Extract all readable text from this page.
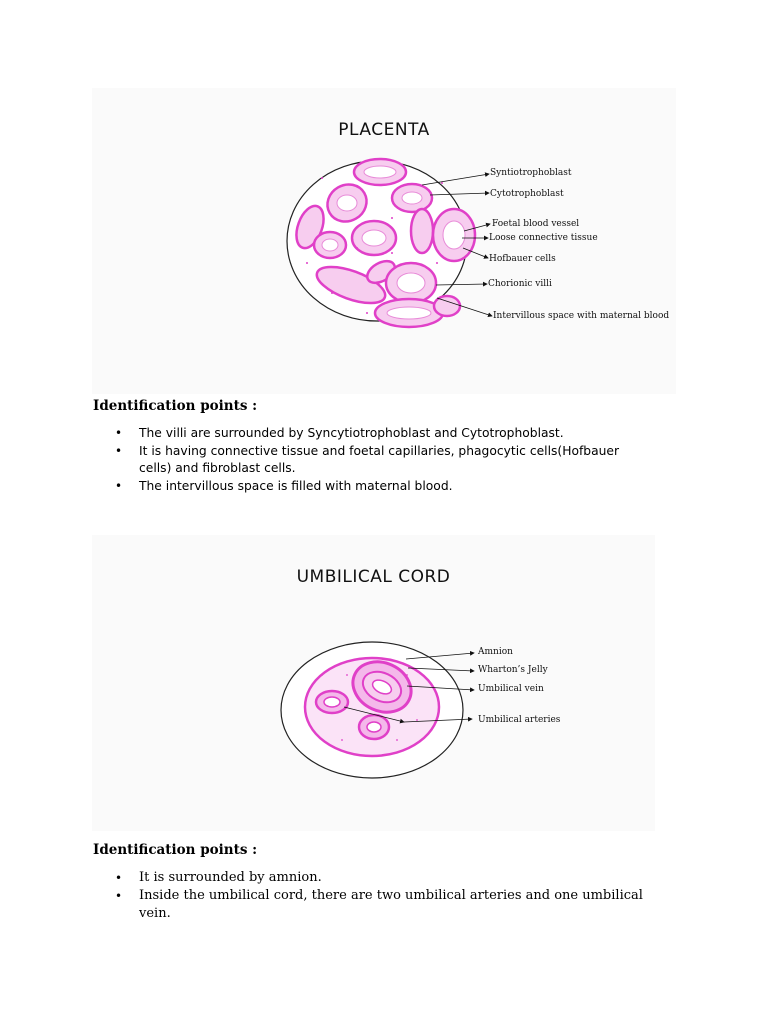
PLACENTA
Syntiotrophoblast
Cytotrophoblast
Foetal blood vessel
Loose connective tissue
Hofbauer cells
Chorionic villi
Intervillous space with maternal blood
Identification points :
• The villi are surrounded by Syncytiotrophoblast and Cytotrophoblast.
• It is having connective tissue and foetal capillaries, phagocytic cells(Hofbauer cells) and fibroblast cells.
• The intervillous space is filled with maternal blood.
UMBILICAL CORD
Amnion
Wharton’s Jelly
Umbilical vein
Umbilical arteries
Identification points :
• It is surrounded by amnion.
• Inside the umbilical cord, there are two umbilical arteries and one umbilical vein.
